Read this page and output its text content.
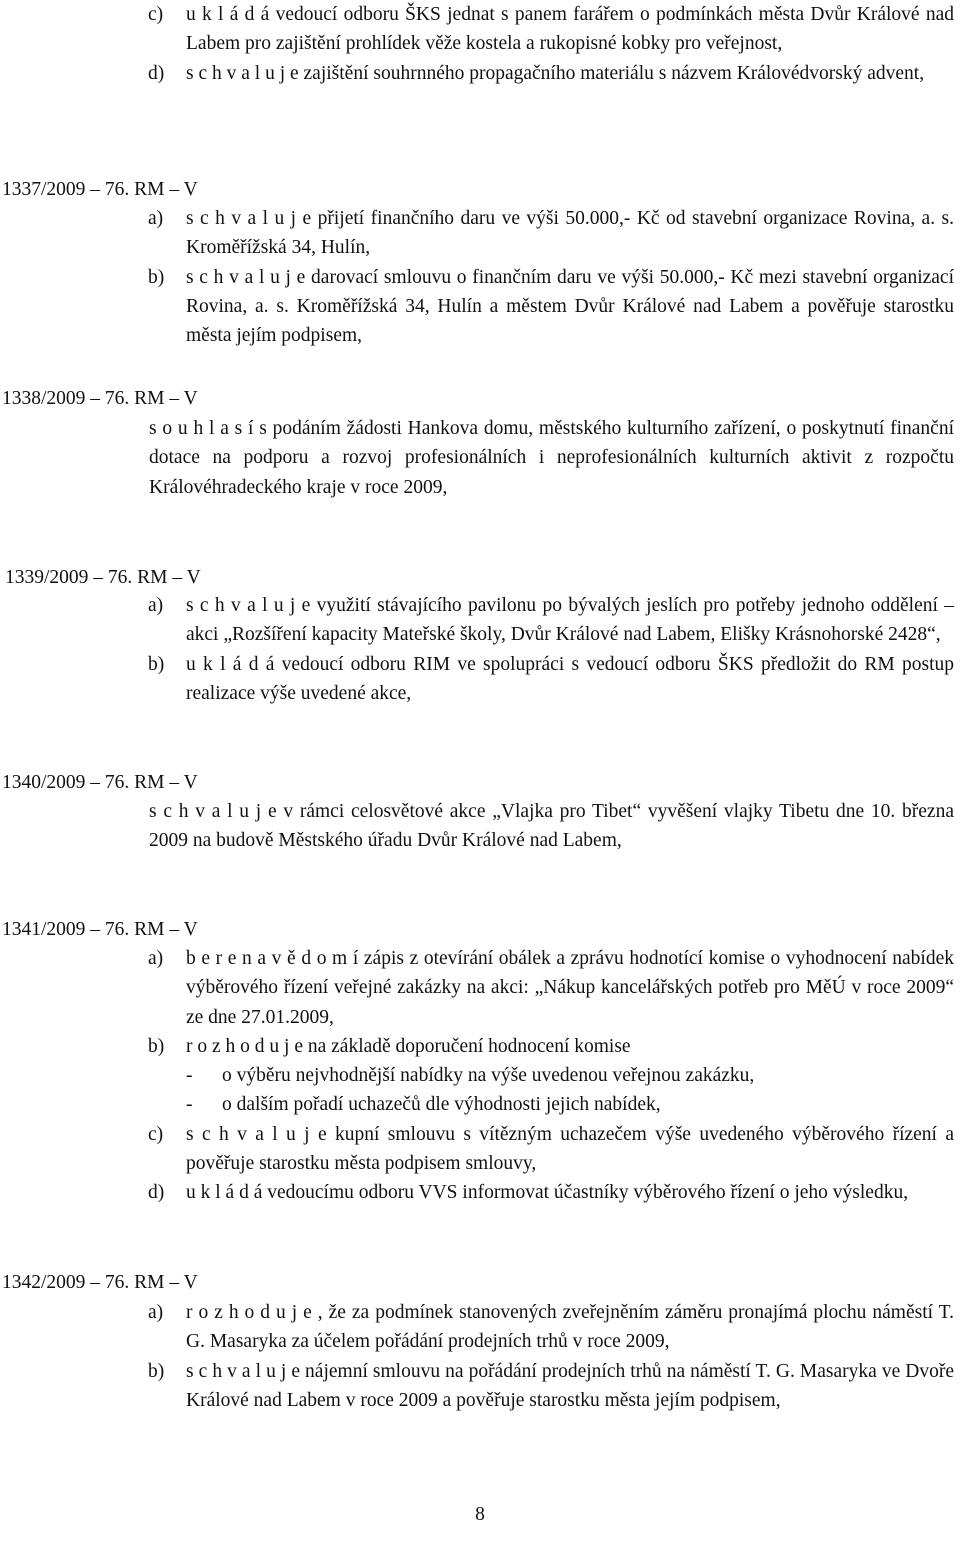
c) u k l á d á vedoucí odboru ŠKS jednat s panem farářem o podmínkách města Dvůr Králové nad Labem pro zajištění prohlídek věže kostela a rukopisné kobky pro veřejnost,
d) s c h v a l u j e zajištění souhrnného propagačního materiálu s názvem Královédvorský advent,
1337/2009 – 76. RM – V
a) s c h v a l u j e přijetí finančního daru ve výši 50.000,- Kč od stavební organizace Rovina, a. s. Kroměřížská 34, Hulín,
b) s c h v a l u j e darovací smlouvu o finančním daru ve výši 50.000,- Kč mezi stavební organizací Rovina, a. s. Kroměřížská 34, Hulín a městem Dvůr Králové nad Labem a pověřuje starostku města jejím podpisem,
1338/2009 – 76. RM – V
s o u h l a s í s podáním žádosti Hankova domu, městského kulturního zařízení, o poskytnutí finanční dotace na podporu a rozvoj profesionálních i neprofesionálních kulturních aktivit z rozpočtu Královéhradeckého kraje v roce 2009,
1339/2009 – 76. RM – V
a) s c h v a l u j e využití stávajícího pavilonu po bývalých jeslích pro potřeby jednoho oddělení – akci „Rozšíření kapacity Mateřské školy, Dvůr Králové nad Labem, Elišky Krásnohorské 2428“,
b) u k l á d á vedoucí odboru RIM ve spolupráci s vedoucí odboru ŠKS předložit do RM postup realizace výše uvedené akce,
1340/2009 – 76. RM – V
s c h v a l u j e v rámci celosvětové akce „Vlajka pro Tibet“ vyvěšení vlajky Tibetu dne 10. března 2009 na budově Městského úřadu Dvůr Králové nad Labem,
1341/2009 – 76. RM – V
a) b e r e n a v ě d o m í zápis z otevírání obálek a zprávu hodnotící komise o vyhodnocení nabídek výběrového řízení veřejné zakázky na akci: „Nákup kancelářských potřeb pro MěÚ v roce 2009“ ze dne 27.01.2009,
b) r o z h o d u j e na základě doporučení hodnocení komise
- o výběru nejvhodnější nabídky na výše uvedenou veřejnou zakázku,
- o dalším pořadí uchazečů dle výhodnosti jejich nabídek,
c) s c h v a l u j e kupní smlouvu s vítězným uchazečem výše uvedeného výběrového řízení a pověřuje starostku města podpisem smlouvy,
d) u k l á d á vedoucímu odboru VVS informovat účastníky výběrového řízení o jeho výsledku,
1342/2009 – 76. RM – V
a) r o z h o d u j e , že za podmínek stanovených zveřejněním záměru pronajímá plochu náměstí T. G. Masaryka za účelem pořádání prodejních trhů v roce 2009,
b) s c h v a l u j e nájemní smlouvu na pořádání prodejních trhů na náměstí T. G. Masaryka ve Dvoře Králové nad Labem v roce 2009 a pověřuje starostku města jejím podpisem,
8
